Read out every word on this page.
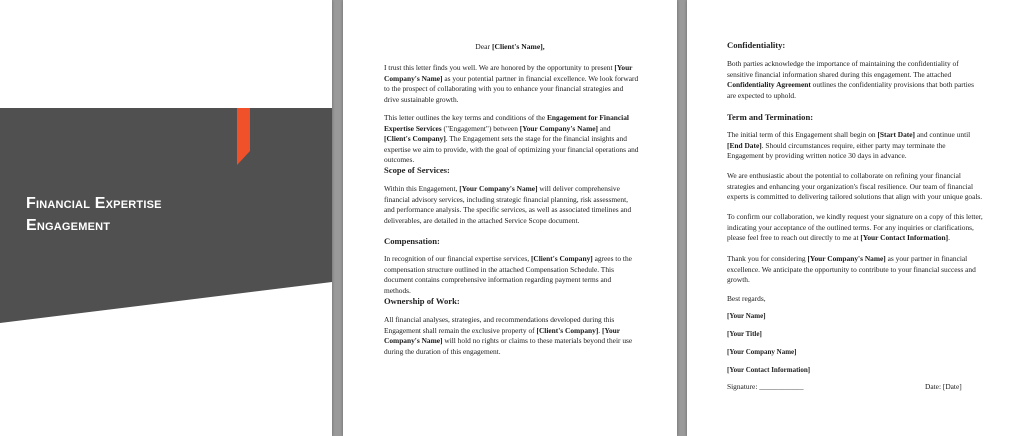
Financial Expertise
Engagement
Dear [Client's Name],
I trust this letter finds you well. We are honored by the opportunity to present [Your Company's Name] as your potential partner in financial excellence. We look forward to the prospect of collaborating with you to enhance your financial strategies and drive sustainable growth.
This letter outlines the key terms and conditions of the Engagement for Financial Expertise Services ("Engagement") between [Your Company's Name] and [Client's Company]. The Engagement sets the stage for the financial insights and expertise we aim to provide, with the goal of optimizing your financial operations and outcomes.
Scope of Services:
Within this Engagement, [Your Company's Name] will deliver comprehensive financial advisory services, including strategic financial planning, risk assessment, and performance analysis. The specific services, as well as associated timelines and deliverables, are detailed in the attached Service Scope document.
Compensation:
In recognition of our financial expertise services, [Client's Company] agrees to the compensation structure outlined in the attached Compensation Schedule. This document contains comprehensive information regarding payment terms and methods.
Ownership of Work:
All financial analyses, strategies, and recommendations developed during this Engagement shall remain the exclusive property of [Client's Company]. [Your Company's Name] will hold no rights or claims to these materials beyond their use during the duration of this engagement.
Confidentiality:
Both parties acknowledge the importance of maintaining the confidentiality of sensitive financial information shared during this engagement. The attached Confidentiality Agreement outlines the confidentiality provisions that both parties are expected to uphold.
Term and Termination:
The initial term of this Engagement shall begin on [Start Date] and continue until [End Date]. Should circumstances require, either party may terminate the Engagement by providing written notice 30 days in advance.
We are enthusiastic about the potential to collaborate on refining your financial strategies and enhancing your organization's fiscal resilience. Our team of financial experts is committed to delivering tailored solutions that align with your unique goals.
To confirm our collaboration, we kindly request your signature on a copy of this letter, indicating your acceptance of the outlined terms. For any inquiries or clarifications, please feel free to reach out directly to me at [Your Contact Information].
Thank you for considering [Your Company's Name] as your partner in financial excellence. We anticipate the opportunity to contribute to your financial success and growth.
Best regards,
[Your Name]
[Your Title]
[Your Company Name]
[Your Contact Information]
Signature: ____________	Date: [Date]
